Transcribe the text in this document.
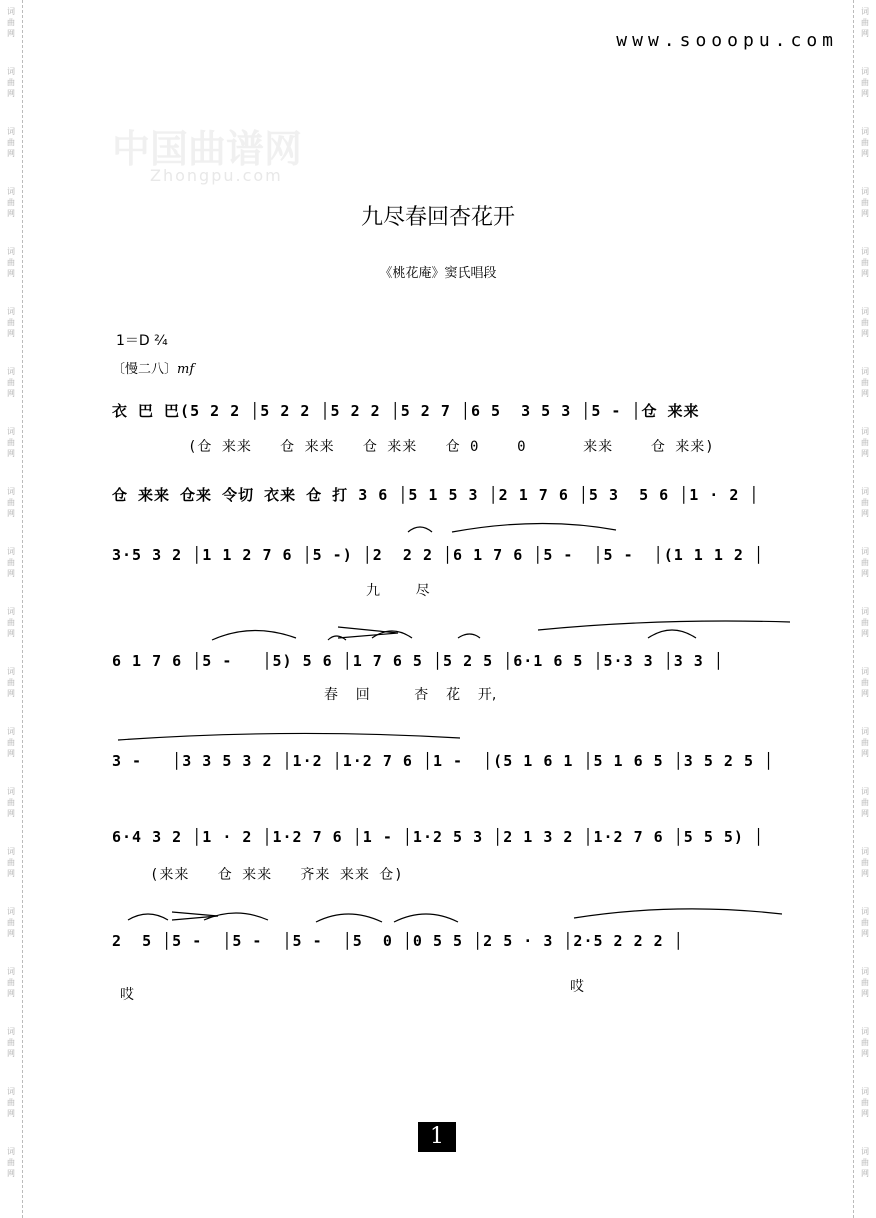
词曲网
词曲网
词曲网
词曲网
词曲网
词曲网
词曲网
词曲网
词曲网
词曲网
词曲网
词曲网
词曲网
词曲网
词曲网
词曲网
词曲网
词曲网
词曲网
词曲网
词曲网
词曲网
词曲网
词曲网
词曲网
词曲网
词曲网
词曲网
词曲网
词曲网
词曲网
词曲网
词曲网
词曲网
词曲网
词曲网
词曲网
词曲网
词曲网
词曲网
www.sooopu.com
中国曲谱网
Zhongpu.com
九尽春回杏花开
《桃花庵》窦氏唱段
1＝D ²⁄₄
〔慢二八〕mf
衣 巴 巴(5 2 2 │5 2 2 │5 2 2 │5 2 7 │6 5  3 5 3 │5 - │仓 来来
(仓 来来   仓 来来   仓 来来   仓 0    0      来来    仓 来来)
仓 来来 仓来 令切 衣来 仓 打 3 6 │5 1 5 3 │2 1 7 6 │5 3  5 6 │1 · 2 │
3·5 3 2 │1 1 2 7 6 │5 -) │2  2 2 │6 1 7 6 │5 -  │5 -  │(1 1 1 2 │
九        尽
6 1 7 6 │5 -   │5) 5 6 │1 7 6 5 │5 2 5 │6·1 6 5 │5·3 3 │3 3 │
春    回          杏    花    开,
3 -   │3 3 5 3 2 │1·2 │1·2 7 6 │1 -  │(5 1 6 1 │5 1 6 5 │3 5 2 5 │
6·4 3 2 │1 · 2 │1·2 7 6 │1 - │1·2 5 3 │2 1 3 2 │1·2 7 6 │5 5 5) │
(来来   仓 来来   齐来 来来 仓)
2  5 │5 -  │5 -  │5 -  │5  0 │0 5 5 │2 5 · 3 │2·5 2 2 2 │
哎	哎
1
